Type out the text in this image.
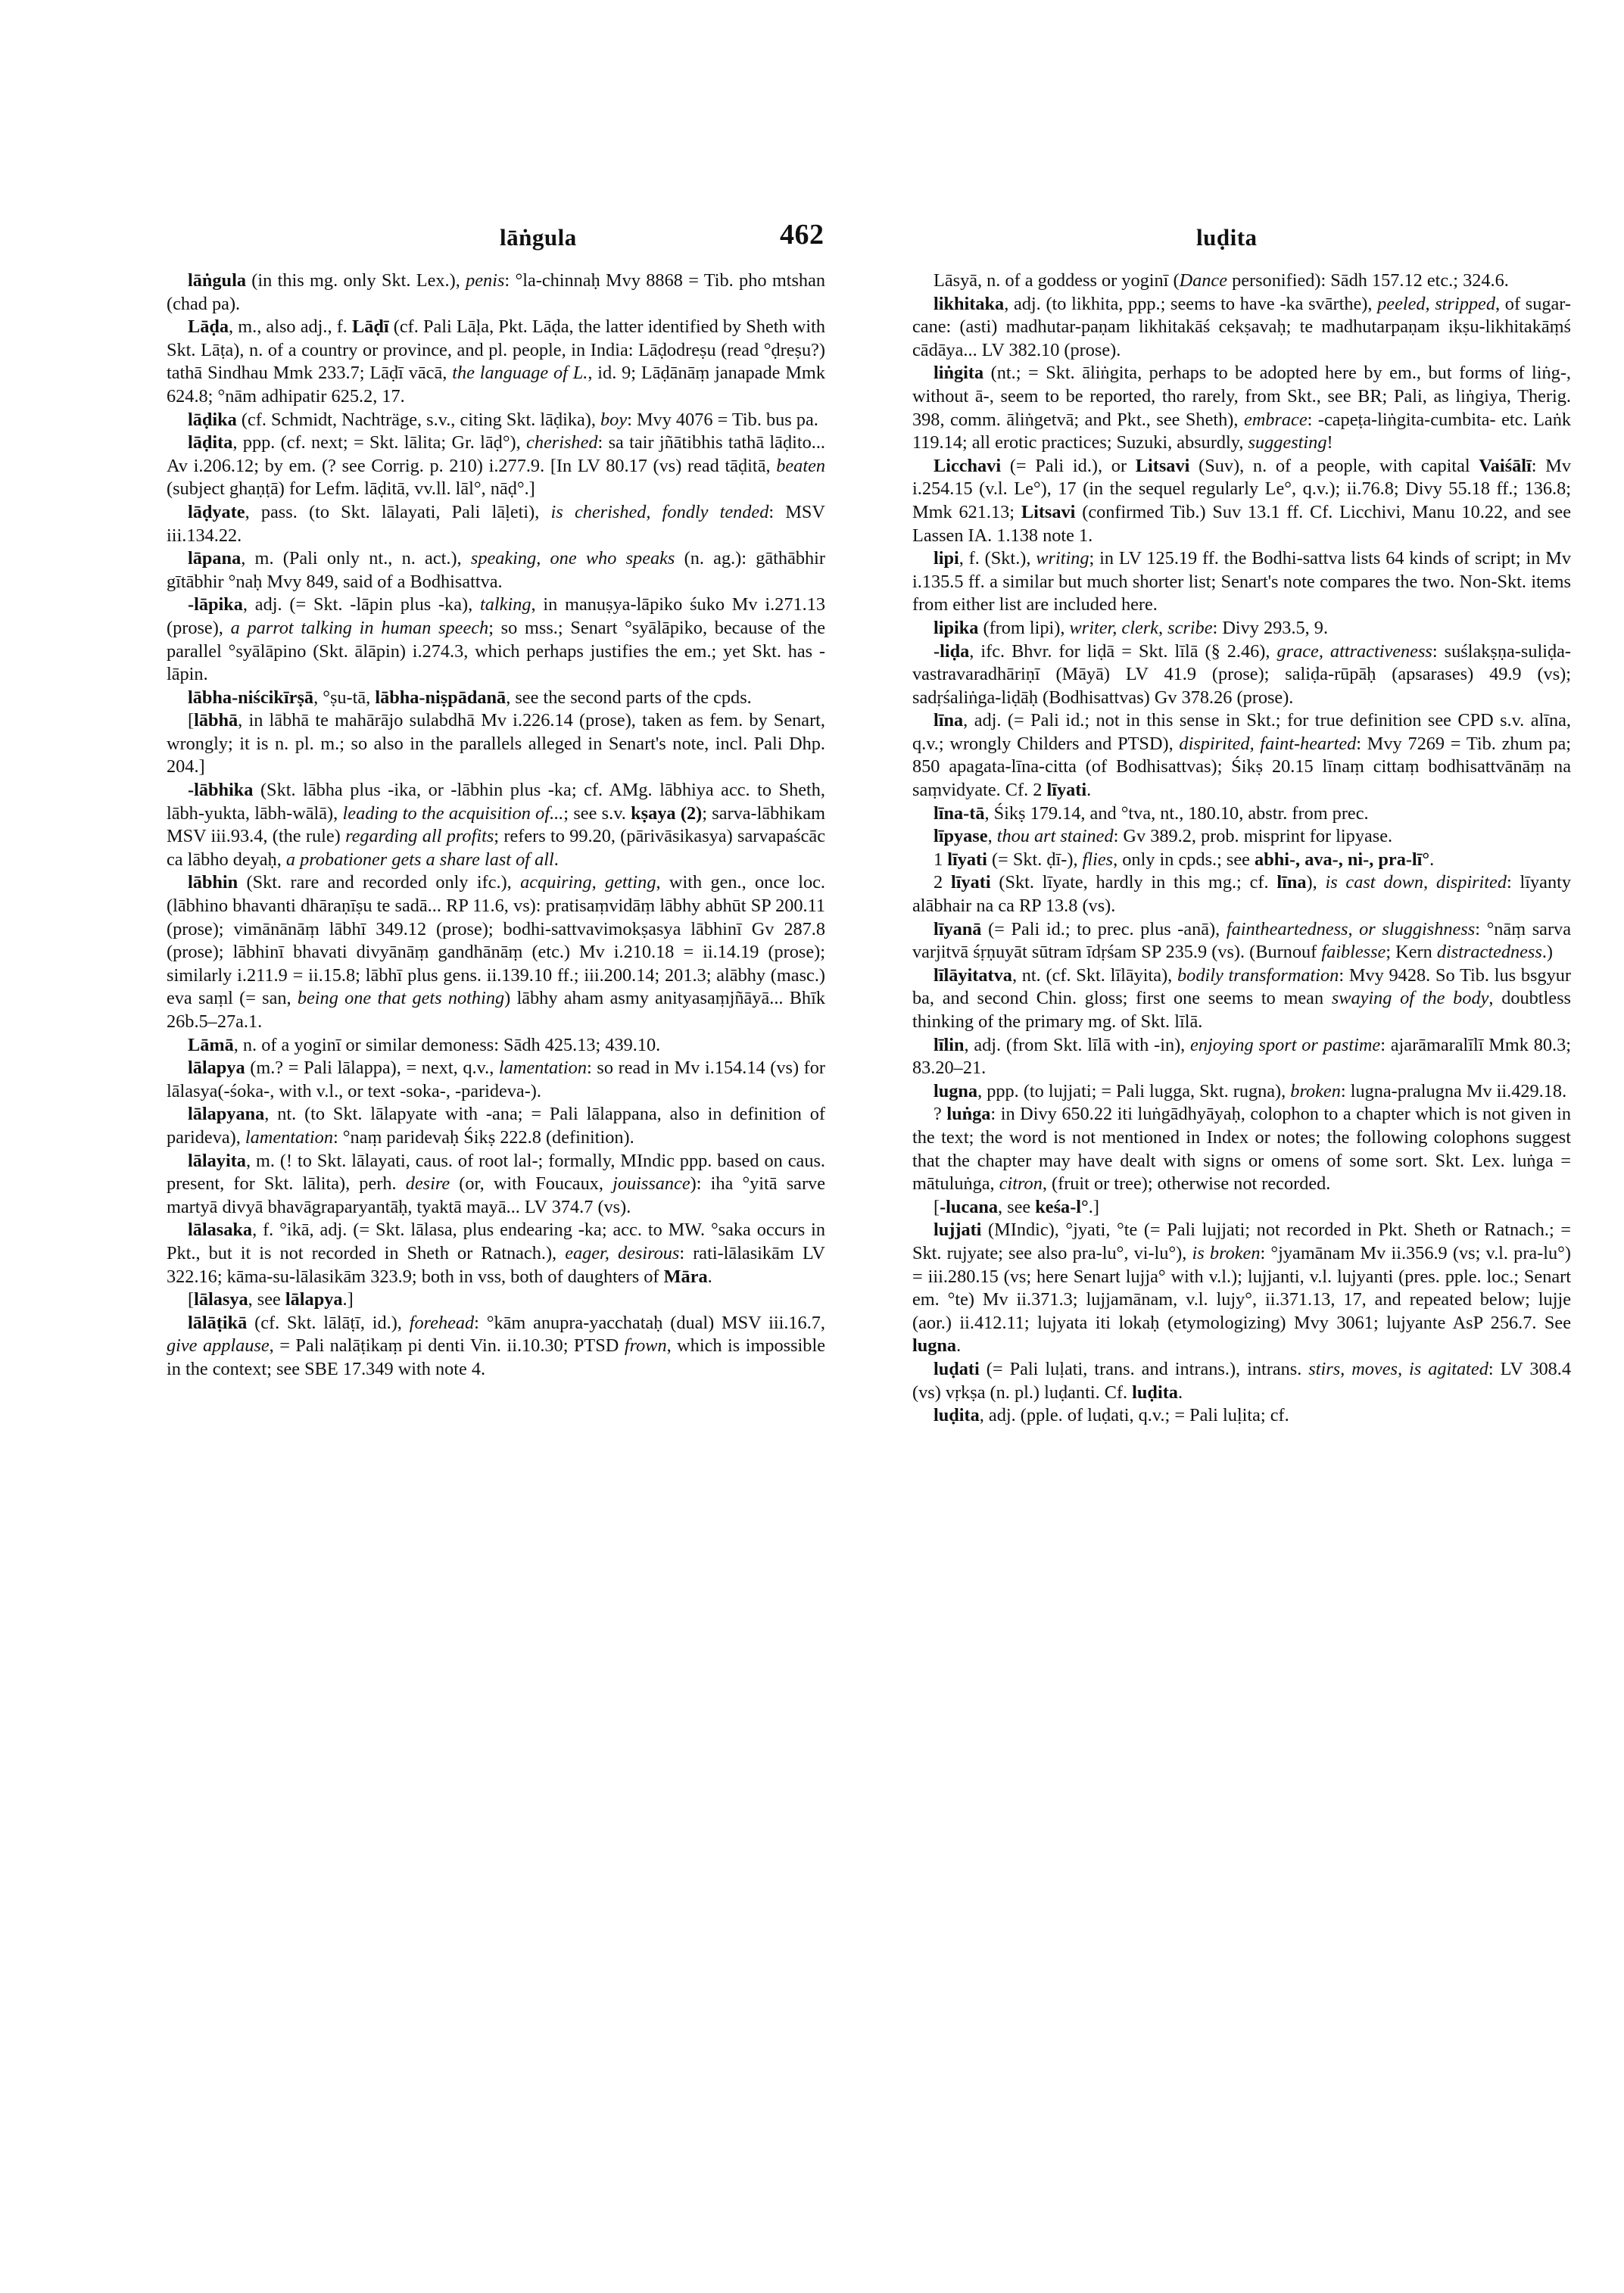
lāṅgula	462	luḍita

lāṅgula (in this mg. only Skt. Lex.), penis: °la-chinnaḥ Mvy 8868 = Tib. pho mtshan (chad pa).

Lāḍa, m., also adj., f. Lāḍī (cf. Pali Lāḷa, Pkt. Lāḍa, the latter identified by Sheth with Skt. Lāṭa), n. of a country or province, and pl. people, in India: Lāḍodreṣu (read °ḍreṣu?) tathā Sindhau Mmk 233.7; Lāḍī vācā, the language of L., id. 9; Lāḍānāṃ janapade Mmk 624.8; °nām adhipatir 625.2, 17.

lāḍika (cf. Schmidt, Nachträge, s.v., citing Skt. lāḍika), boy: Mvy 4076 = Tib. bus pa.

lāḍita, ppp. (cf. next; = Skt. lālita; Gr. lāḍ°), cherished: sa tair jñātibhis tathā lāḍito... Av i.206.12; by em. (? see Corrig. p. 210) i.277.9. [In LV 80.17 (vs) read tāḍitā, beaten (subject ghaṇṭā) for Lefm. lāḍitā, vv.ll. lāl°, nāḍ°.]

lāḍyate, pass. (to Skt. lālayati, Pali lāḷeti), is cherished, fondly tended: MSV iii.134.22.

lāpana, m. (Pali only nt., n. act.), speaking, one who speaks (n. ag.): gāthābhir gītābhir °naḥ Mvy 849, said of a Bodhisattva.

-lāpika, adj. (= Skt. -lāpin plus -ka), talking, in manuṣya-lāpiko śuko Mv i.271.13 (prose), a parrot talking in human speech; so mss.; Senart °syālāpiko, because of the parallel °syālāpino (Skt. ālāpin) i.274.3, which perhaps justifies the em.; yet Skt. has -lāpin.

lābha-niścikīrṣā, °ṣu-tā, lābha-niṣpādanā, see the second parts of the cpds.

[lābhā, in lābhā te mahārājo sulabdhā Mv i.226.14 (prose), taken as fem. by Senart, wrongly; it is n. pl. m.; so also in the parallels alleged in Senart's note, incl. Pali Dhp. 204.]

-lābhika (Skt. lābha plus -ika, or -lābhin plus -ka; cf. AMg. lābhiya acc. to Sheth, lābh-yukta, lābh-wālā), leading to the acquisition of...; see s.v. kṣaya (2); sarva-lābhikam MSV iii.93.4, (the rule) regarding all profits; refers to 99.20, (pārivāsikasya) sarvapaścāc ca lābho deyaḥ, a probationer gets a share last of all.

lābhin (Skt. rare and recorded only ifc.), acquiring, getting, with gen., once loc. (lābhino bhavanti dhāraṇīṣu te sadā... RP 11.6, vs): pratisaṃvidāṃ lābhy abhūt SP 200.11 (prose); vimānānāṃ lābhī 349.12 (prose); bodhi-sattvavimokṣasya lābhinī Gv 287.8 (prose); lābhinī bhavati divyānāṃ gandhānāṃ (etc.) Mv i.210.18 = ii.14.19 (prose); similarly i.211.9 = ii.15.8; lābhī plus gens. ii.139.10 ff.; iii.200.14; 201.3; alābhy (masc.) eva saṃl (= san, being one that gets nothing) lābhy aham asmy anityasaṃjñāyā... Bhīk 26b.5–27a.1.

Lāmā, n. of a yoginī or similar demoness: Sādh 425.13; 439.10.

lālapya (m.? = Pali lālappa), = next, q.v., lamentation: so read in Mv i.154.14 (vs) for lālasya(-śoka-, with v.l., or text -soka-, -parideva-).

lālapyana, nt. (to Skt. lālapyate with -ana; = Pali lālappana, also in definition of parideva), lamentation: °naṃ paridevaḥ Śikṣ 222.8 (definition).

lālayita, m. (! to Skt. lālayati, caus. of root lal-; formally, MIndic ppp. based on caus. present, for Skt. lālita), perh. desire (or, with Foucaux, jouissance): iha °yitā sarve martyā divyā bhavāgraparyantāḥ, tyaktā mayā... LV 374.7 (vs).

lālasaka, f. °ikā, adj. (= Skt. lālasa, plus endearing -ka; acc. to MW. °saka occurs in Pkt., but it is not recorded in Sheth or Ratnach.), eager, desirous: rati-lālasikām LV 322.16; kāma-su-lālasikām 323.9; both in vss, both of daughters of Māra.

[lālasya, see lālapya.]

lālāṭikā (cf. Skt. lālāṭī, id.), forehead: °kām anupra-yacchataḥ (dual) MSV iii.16.7, give applause, = Pali nalāṭikaṃ pi denti Vin. ii.10.30; PTSD frown, which is impossible in the context; see SBE 17.349 with note 4.

Lāsyā, n. of a goddess or yoginī (Dance personified): Sādh 157.12 etc.; 324.6.

likhitaka, adj. (to likhita, ppp.; seems to have -ka svārthe), peeled, stripped, of sugar-cane: (asti) madhutar-paṇam likhitakāś cekṣavaḥ; te madhutarpaṇam ikṣu-likhitakāṃś cādāya... LV 382.10 (prose).

liṅgita (nt.; = Skt. āliṅgita, perhaps to be adopted here by em., but forms of liṅg-, without ā-, seem to be reported, tho rarely, from Skt., see BR; Pali, as liṅgiya, Therig. 398, comm. āliṅgetvā; and Pkt., see Sheth), embrace: -capeṭa-liṅgita-cumbita- etc. Laṅk 119.14; all erotic practices; Suzuki, absurdly, suggesting!

Licchavi (= Pali id.), or Litsavi (Suv), n. of a people, with capital Vaiśālī: Mv i.254.15 (v.l. Le°), 17 (in the sequel regularly Le°, q.v.); ii.76.8; Divy 55.18 ff.; 136.8; Mmk 621.13; Litsavi (confirmed Tib.) Suv 13.1 ff. Cf. Licchivi, Manu 10.22, and see Lassen IA. 1.138 note 1.

lipi, f. (Skt.), writing; in LV 125.19 ff. the Bodhi-sattva lists 64 kinds of script; in Mv i.135.5 ff. a similar but much shorter list; Senart's note compares the two. Non-Skt. items from either list are included here.

lipika (from lipi), writer, clerk, scribe: Divy 293.5, 9.

-liḍa, ifc. Bhvr. for liḍā = Skt. līlā (§ 2.46), grace, attractiveness: suślakṣṇa-suliḍa-vastravaradhāriṇī (Māyā) LV 41.9 (prose); saliḍa-rūpāḥ (apsarases) 49.9 (vs); sadṛśaliṅga-liḍāḥ (Bodhisattvas) Gv 378.26 (prose).

līna, adj. (= Pali id.; not in this sense in Skt.; for true definition see CPD s.v. alīna, q.v.; wrongly Childers and PTSD), dispirited, faint-hearted: Mvy 7269 = Tib. zhum pa; 850 apagata-līna-citta (of Bodhisattvas); Śikṣ 20.15 līnaṃ cittaṃ bodhisattvānāṃ na saṃvidyate. Cf. 2 līyati.

līna-tā, Śikṣ 179.14, and °tva, nt., 180.10, abstr. from prec.

līpyase, thou art stained: Gv 389.2, prob. misprint for lipyase.

1 līyati (= Skt. ḍī-), flies, only in cpds.; see abhi-, ava-, ni-, pra-lī°.

2 līyati (Skt. līyate, hardly in this mg.; cf. līna), is cast down, dispirited: līyanty alābhair na ca RP 13.8 (vs).

līyanā (= Pali id.; to prec. plus -anā), faintheartedness, or sluggishness: °nāṃ sarva varjitvā śṛṇuyāt sūtram īdṛśam SP 235.9 (vs). (Burnouf faiblesse; Kern distractedness.)

līlāyitatva, nt. (cf. Skt. līlāyita), bodily transformation: Mvy 9428. So Tib. lus bsgyur ba, and second Chin. gloss; first one seems to mean swaying of the body, doubtless thinking of the primary mg. of Skt. līlā.

līlin, adj. (from Skt. līlā with -in), enjoying sport or pastime: ajarāmaralīlī Mmk 80.3; 83.20–21.

lugna, ppp. (to lujjati; = Pali lugga, Skt. rugna), broken: lugna-pralugna Mv ii.429.18.

? luṅga: in Divy 650.22 iti luṅgādhyāyaḥ, colophon to a chapter which is not given in the text; the word is not mentioned in Index or notes; the following colophons suggest that the chapter may have dealt with signs or omens of some sort. Skt. Lex. luṅga = mātuluṅga, citron, (fruit or tree); otherwise not recorded.

[-lucana, see keśa-l°.]

lujjati (MIndic), °jyati, °te (= Pali lujjati; not recorded in Pkt. Sheth or Ratnach.; = Skt. rujyate; see also pra-lu°, vi-lu°), is broken: °jyamānam Mv ii.356.9 (vs; v.l. pra-lu°) = iii.280.15 (vs; here Senart lujja° with v.l.); lujjanti, v.l. lujyanti (pres. pple. loc.; Senart em. °te) Mv ii.371.3; lujjamānam, v.l. lujy°, ii.371.13, 17, and repeated below; lujje (aor.) ii.412.11; lujyata iti lokaḥ (etymologizing) Mvy 3061; lujyante AsP 256.7. See lugna.

luḍati (= Pali luḷati, trans. and intrans.), intrans. stirs, moves, is agitated: LV 308.4 (vs) vṛkṣa (n. pl.) luḍanti. Cf. luḍita.

luḍita, adj. (pple. of luḍati, q.v.; = Pali luḷita; cf.
